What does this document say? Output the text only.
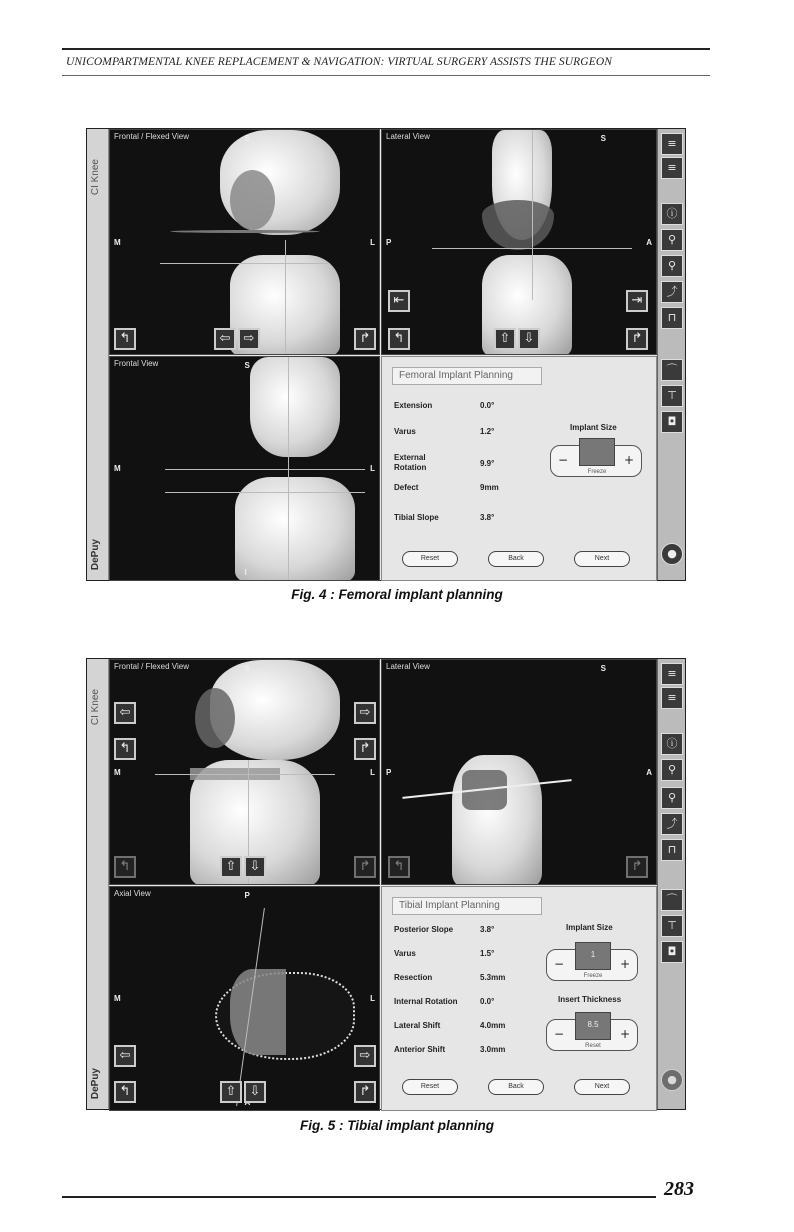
UNICOMPARTMENTAL KNEE REPLACEMENT & NAVIGATION: VIRTUAL SURGERY ASSISTS THE SURGEON
CI Knee
DePuy
Frontal / Flexed View	S
M	L
↰	⇦	⇨	↱
Lateral View	S
P	A
⇤	⇥
↰	⇧	⇩	↱
Frontal View	S
M	L
I
Femoral Implant Planning
Extension	0.0°
Varus	1.2°
External Rotation	9.9°
Defect	9mm
Tibial Slope	3.8°
Implant Size
−
Freeze
+
Reset	Back	Next
≡
≡
ⓘ
⚲
⚲
⤴
⊓
⌒
⊤
◘
●
Fig. 4 : Femoral implant planning
CI Knee
DePuy
Frontal / Flexed View	S
M	L
⇦	⇨
↰	↱
↰	⇧	⇩	↱
Lateral View	S
P	A
↰	↱
Axial View	P
M	L
⇦	⇨
↰	⇧	⇩	↱
Tibial Implant Planning
Posterior Slope	3.8°
Varus	1.5°
Resection	5.3mm
Internal Rotation	0.0°
Lateral Shift	4.0mm
Anterior Shift	3.0mm
Implant Size
−
1
Freeze
+
Insert Thickness
−
8.5
Reset
+
Reset	Back	Next
≡
≡
ⓘ
⚲
⚲
⤴
⊓
⌒
⊤
◘
●
Fig. 5 : Tibial implant planning
283
